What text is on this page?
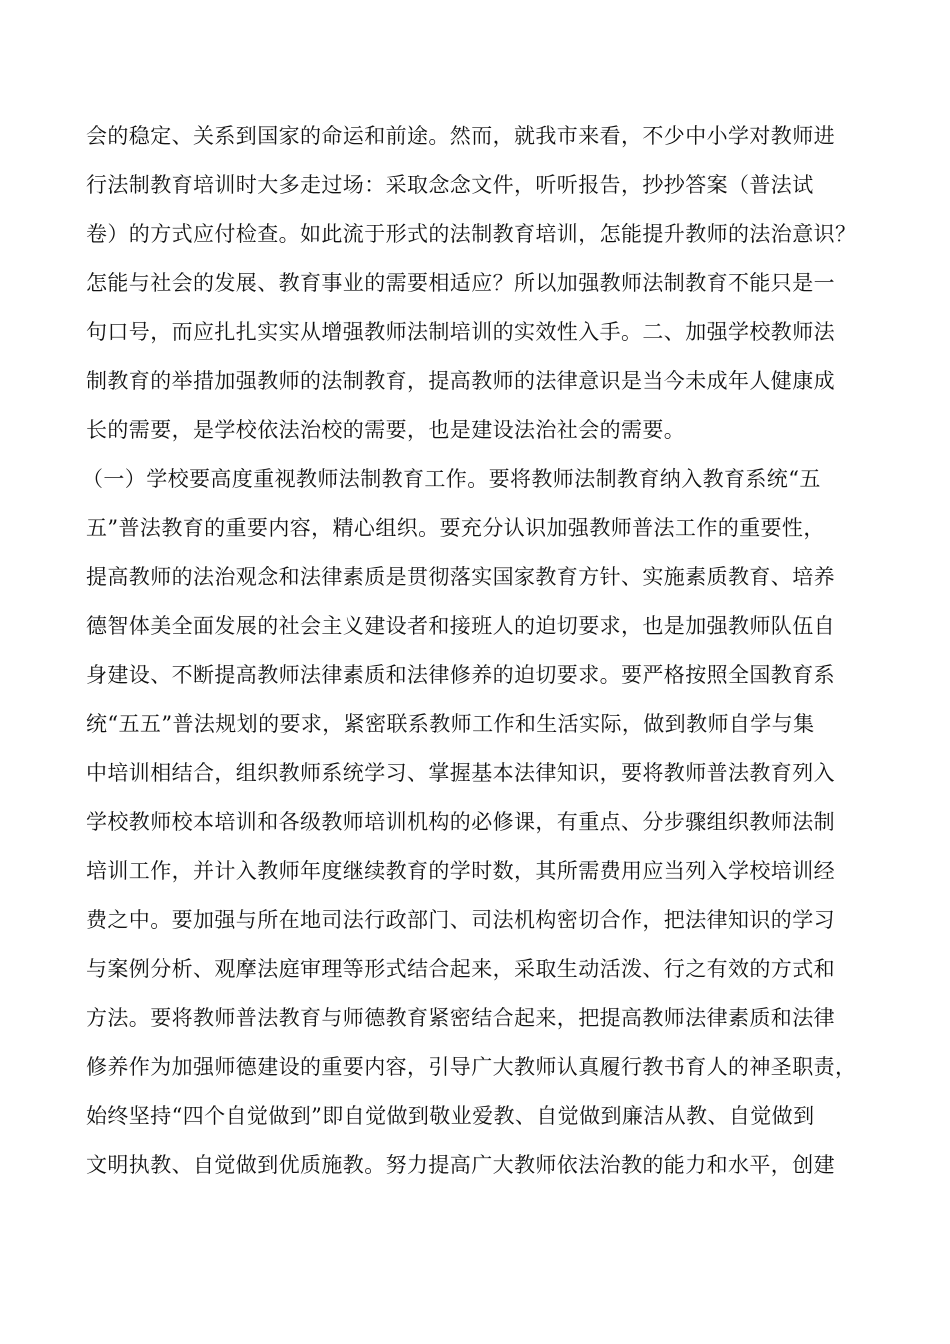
会的稳定、关系到国家的命运和前途。然而，就我市来看，不少中小学对教师进
行法制教育培训时大多走过场：采取念念文件，听听报告，抄抄答案（普法试
卷）的方式应付检查。如此流于形式的法制教育培训，怎能提升教师的法治意识？
怎能与社会的发展、教育事业的需要相适应？所以加强教师法制教育不能只是一
句口号，而应扎扎实实从增强教师法制培训的实效性入手。二、加强学校教师法
制教育的举措加强教师的法制教育，提高教师的法律意识是当今未成年人健康成
长的需要，是学校依法治校的需要，也是建设法治社会的需要。
（一）学校要高度重视教师法制教育工作。要将教师法制教育纳入教育系统“五
五”普法教育的重要内容，精心组织。要充分认识加强教师普法工作的重要性，
提高教师的法治观念和法律素质是贯彻落实国家教育方针、实施素质教育、培养
德智体美全面发展的社会主义建设者和接班人的迫切要求，也是加强教师队伍自
身建设、不断提高教师法律素质和法律修养的迫切要求。要严格按照全国教育系
统“五五”普法规划的要求，紧密联系教师工作和生活实际，做到教师自学与集
中培训相结合，组织教师系统学习、掌握基本法律知识，要将教师普法教育列入
学校教师校本培训和各级教师培训机构的必修课，有重点、分步骤组织教师法制
培训工作，并计入教师年度继续教育的学时数，其所需费用应当列入学校培训经
费之中。要加强与所在地司法行政部门、司法机构密切合作，把法律知识的学习
与案例分析、观摩法庭审理等形式结合起来，采取生动活泼、行之有效的方式和
方法。要将教师普法教育与师德教育紧密结合起来，把提高教师法律素质和法律
修养作为加强师德建设的重要内容，引导广大教师认真履行教书育人的神圣职责，
始终坚持“四个自觉做到”即自觉做到敬业爱教、自觉做到廉洁从教、自觉做到
文明执教、自觉做到优质施教。努力提高广大教师依法治教的能力和水平，创建
